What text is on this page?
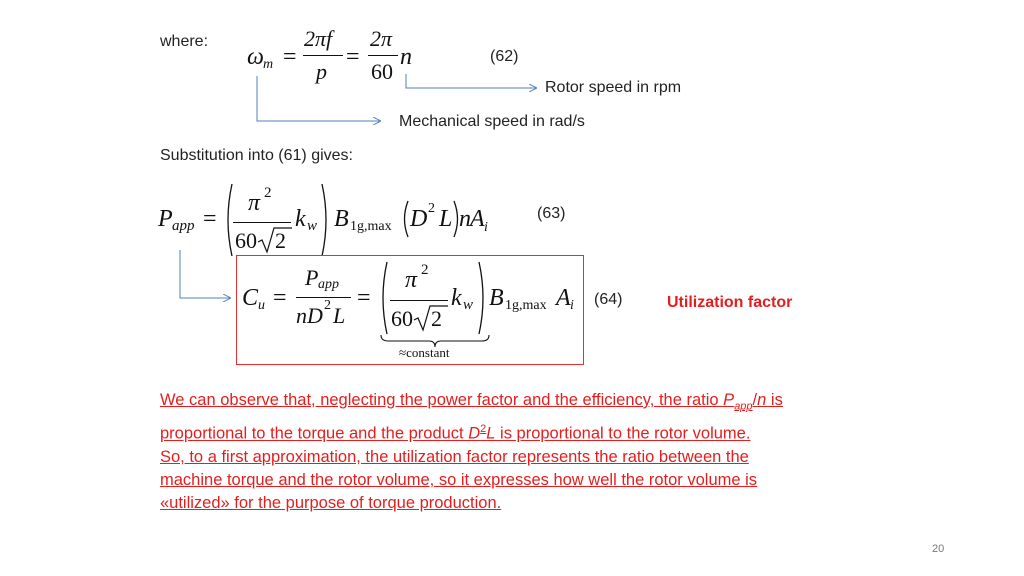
where:
ω m =
2πf
p
=
2π
60
n	(62)
Rotor speed in rpm
Mechanical speed in rad/s
Substitution into (61) gives:
P app =
π 2
60 2
k w B 1g,max D 2 L n A i
(63)
C u =
P app
nD 2 L
=
π 2
60 2
k w
≈constant
B 1g,max A i (64)	Utilization factor
We can observe that, neglecting the power factor and the efficiency, the ratio $P_{app}/n$ is
proportional to the torque and the product $D^2L$ is proportional to the rotor volume.
So, to a first approximation, the utilization factor represents the ratio between the
machine torque and the rotor volume, so it expresses how well the rotor volume is
«utilized» for the purpose of torque production.
20
